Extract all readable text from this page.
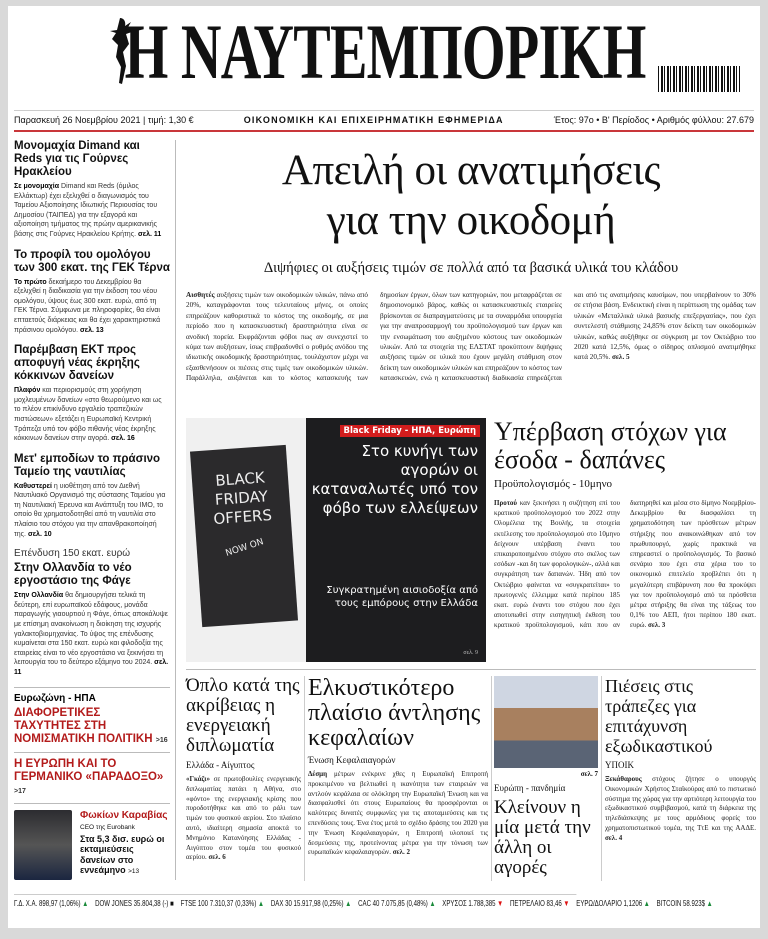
Η ΝΑΥΤΕΜΠΟΡΙΚΗ
Παρασκευή 26 Νοεμβρίου 2021 | τιμή: 1,30 €	ΟΙΚΟΝΟΜΙΚΗ ΚΑΙ ΕΠΙΧΕΙΡΗΜΑΤΙΚΗ ΕΦΗΜΕΡΙΔΑ	Έτος: 97ο • Β' Περίοδος • Αριθμός φύλλου: 27.679
Μονομαχία Dimand και Reds για τις Γούρνες Ηρακλείου
Σε μονομαχία Dimand και Reds (όμιλος Ελλάκτωρ) έχει εξελιχθεί ο διαγωνισμός του Ταμείου Αξιοποίησης Ιδιωτικής Περιουσίας του Δημοσίου (ΤΑΙΠΕΔ) για την εξαγορά και αξιοποίηση τμήματος της πρώην αμερικανικής βάσης στις Γούρνες Ηρακλείου Κρήτης. σελ. 11
Το προφίλ του ομολόγου των 300 εκατ. της ΓΕΚ Τέρνα
Το πρώτο δεκαήμερο του Δεκεμβρίου θα εξελιχθεί η διαδικασία για την έκδοση του νέου ομολόγου, ύψους έως 300 εκατ. ευρώ, από τη ΓΕΚ Τέρνα. Σύμφωνα με πληροφορίες, θα είναι επταετούς διάρκειας και θα έχει χαρακτηριστικά πράσινου ομολόγου. σελ. 13
Παρέμβαση ΕΚΤ προς αποφυγή νέας έκρηξης κόκκινων δανείων
Πλαφόν και περιορισμούς στη χορήγηση μοχλευμένων δανείων «στο θεωρούμενο και ως το πλέον επικίνδυνο εργαλείο τραπεζικών πιστώσεων» εξετάζει η Ευρωπαϊκή Κεντρική Τράπεζα υπό τον φόβο πιθανής νέας έκρηξης κόκκινων δανείων στην αγορά. σελ. 16
Μετ' εμποδίων το πράσινο Ταμείο της ναυτιλίας
Καθυστερεί η υιοθέτηση από τον Διεθνή Ναυτιλιακό Οργανισμό της σύστασης Ταμείου για τη Ναυτιλιακή Έρευνα και Ανάπτυξη του IMO, το οποίο θα χρηματοδοτηθεί από τη ναυτιλία στο πλαίσιο του στόχου για την απανθρακοποίησή της. σελ. 10
Επένδυση 150 εκατ. ευρώ
Στην Ολλανδία το νέο εργοστάσιο της Φάγε
Στην Ολλανδία θα δημιουργήσει τελικά τη δεύτερη, επί ευρωπαϊκού εδάφους, μονάδα παραγωγής γιαουρτιού η Φάγε, όπως αποκάλυψε με επίσημη ανακοίνωση η διοίκηση της ισχυρής γαλακτοβιομηχανίας. Το ύψος της επένδυσης κυμαίνεται στα 150 εκατ. ευρώ και φιλοδοξία της εταιρείας είναι το νέο εργοστάσιο να ξεκινήσει τη λειτουργία του το δεύτερο εξάμηνο του 2024. σελ. 11
Ευρωζώνη - ΗΠΑ
ΔΙΑΦΟΡΕΤΙΚΕΣ ΤΑΧΥΤΗΤΕΣ ΣΤΗ ΝΟΜΙΣΜΑΤΙΚΗ ΠΟΛΙΤΙΚΗ >16
Η ΕΥΡΩΠΗ ΚΑΙ ΤΟ ΓΕΡΜΑΝΙΚΟ «ΠΑΡΑΔΟΞΟ» >17
Φωκίων Καραβίας
CEO της Eurobank
Στα 5,3 δισ. ευρώ οι εκταμιεύσεις δανείων στο εννεάμηνο >13
Απειλή οι ανατιμήσεις
για την οικοδομή
Διψήφιες οι αυξήσεις τιμών σε πολλά από τα βασικά υλικά του κλάδου
Αισθητές αυξήσεις τιμών των οικοδομικών υλικών, πάνω από 20%, καταγράφονται τους τελευταίους μήνες, οι οποίες επηρεάζουν καθοριστικά το κόστος της οικοδομής, σε μια περίοδο που η κατασκευαστική δραστηριότητα είναι σε ανοδική πορεία. Εκφράζονται φόβοι πως αν συνεχιστεί το κύμα των αυξήσεων, ίσως επιβραδυνθεί ο ρυθμός ανόδου της ιδιωτικής οικοδομικής δραστηριότητας, τουλάχιστον μέχρι να εξασθενήσουν οι πιέσεις στις τιμές των οικοδομικών υλικών. Παράλληλα, αυξάνεται και το κόστος κατασκευής των δημοσίων έργων, όλων των κατηγοριών, που μεταφράζεται σε δημοσιονομικό βάρος, καθώς οι κατασκευαστικές εταιρείες βρίσκονται σε διαπραγματεύσεις με τα συναρμόδια υπουργεία για την αναπροσαρμογή του προϋπολογισμού των έργων και την ενσωμάτωση του αυξημένου κόστους των οικοδομικών υλικών. Από τα στοιχεία της ΕΛΣΤΑΤ προκύπτουν διψήφιες αυξήσεις τιμών σε υλικά που έχουν μεγάλη στάθμιση στον δείκτη των οικοδομικών υλικών και επηρεάζουν το κόστος των κατασκευών, ενώ η κατασκευαστική διαδικασία επηρεάζεται και από τις ανατιμήσεις καυσίμων, που υπερβαίνουν το 30% σε ετήσια βάση. Ενδεικτική είναι η περίπτωση της ομάδας των υλικών «Μεταλλικά υλικά βασικής επεξεργασίας», που έχει συντελεστή στάθμισης 24,85% στον δείκτη των οικοδομικών υλικών, καθώς αυξήθηκε σε σύγκριση με τον Οκτώβριο του 2020 κατά 12,5%, όμως ο σίδηρος οπλισμού ανατιμήθηκε κατά 20,5%. σελ. 5
BLACK FRIDAY OFFERS
NOW ON
Black Friday - ΗΠΑ, Ευρώπη
Στο κυνήγι των αγορών οι καταναλωτές υπό τον φόβο των ελλείψεων
Συγκρατημένη αισιοδοξία από τους εμπόρους στην Ελλάδα
σελ. 9
Υπέρβαση στόχων για έσοδα - δαπάνες
Προϋπολογισμός - 10μηνο
Προτού καν ξεκινήσει η συζήτηση επί του κρατικού προϋπολογισμού του 2022 στην Ολομέλεια της Βουλής, τα στοιχεία εκτέλεσης του προϋπολογισμού στο 10μηνο δείχνουν υπέρβαση έναντι του επικαιροποιημένου στόχου στο σκέλος των εσόδων -και δη των φορολογικών-, αλλά και συγκράτηση των δαπανών. Ήδη από τον Οκτώβριο φαίνεται να «συγκρατείται» το πρωτογενές έλλειμμα κατά περίπου 185 εκατ. ευρώ έναντι του στόχου που έχει αποτυπωθεί στην εισηγητική έκθεση του κρατικού προϋπολογισμού, κάτι που αν διατηρηθεί και μέσα στο δίμηνο Νοεμβρίου-Δεκεμβρίου θα διασφαλίσει τη χρηματοδότηση των πρόσθετων μέτρων στήριξης που ανακοινώθηκαν από τον πρωθυπουργό, χωρίς πρακτικά να επηρεαστεί ο προϋπολογισμός. Το βασικό σενάριο που έχει στα χέρια του το οικονομικό επιτελείο προβλέπει ότι η μεγαλύτερη επιβάρυνση που θα προκύψει για τον προϋπολογισμό από τα πρόσθετα μέτρα στήριξης θα είναι της τάξεως του 0,1% του ΑΕΠ, ήτοι περίπου 180 εκατ. ευρώ. σελ. 3
Όπλο κατά της ακρίβειας η ενεργειακή διπλωματία
Ελλάδα - Αίγυπτος
«Γκάζι» σε πρωτοβουλίες ενεργειακής διπλωματίας πατάει η Αθήνα, στο «φόντο» της ενεργειακής κρίσης που πυροδοτήθηκε και από το ράλι των τιμών του φυσικού αερίου. Στο πλαίσιο αυτό, ιδιαίτερη σημασία αποκτά το Μνημόνιο Κατανόησης Ελλάδας - Αιγύπτου στον τομέα του φυσικού αερίου. σελ. 6
Ελκυστικότερο πλαίσιο άντλησης κεφαλαίων
Ένωση Κεφαλαιαγορών
Δέσμη μέτρων ενέκρινε χθες η Ευρωπαϊκή Επιτροπή προκειμένου να βελτιωθεί η ικανότητα των εταιρειών να αντλούν κεφάλαια σε ολόκληρη την Ευρωπαϊκή Ένωση και να διασφαλισθεί ότι στους Ευρωπαίους θα προσφέρονται οι καλύτερες δυνατές συμφωνίες για τις αποταμιεύσεις και τις επενδύσεις τους. Ένα έτος μετά το σχέδιο δράσης του 2020 για την Ένωση Κεφαλαιαγορών, η Επιτροπή υλοποιεί τις δεσμεύσεις της, προτείνοντας μέτρα για την τόνωση των ευρωπαϊκών κεφαλαιαγορών. σελ. 2
σελ. 7
Ευρώπη - πανδημία
Κλείνουν η μία μετά την άλλη οι αγορές
Πιέσεις στις τράπεζες για επιτάχυνση εξωδικαστικού
ΥΠΟΙΚ
Ξεκάθαρους στόχους ζήτησε ο υπουργός Οικονομικών Χρήστος Σταϊκούρας από το πιστωτικό σύστημα της χώρας για την αρτιότερη λειτουργία του εξωδικαστικού συμβιβασμού, κατά τη διάρκεια της τηλεδιάσκεψης με τους αρμόδιους φορείς του χρηματοπιστωτικού τομέα, της ΤτΕ και της ΑΑΔΕ. σελ. 4
Γ.Δ. Χ.Α. 898,97 (1,06%) ▲ DOW JONES 35.804,38 (-) ■ FTSE 100 7.310,37 (0,33%) ▲ DAX 30 15.917,98 (0,25%) ▲ CAC 40 7.075,85 (0,48%) ▲ ΧΡΥΣΟΣ 1.788,385 ▼ ΠΕΤΡΕΛΑΙΟ 83,46 ▼ ΕΥΡΩ/ΔΟΛΑΡΙΟ 1,1206 ▲ BITCOIN 58.923$ ▲
